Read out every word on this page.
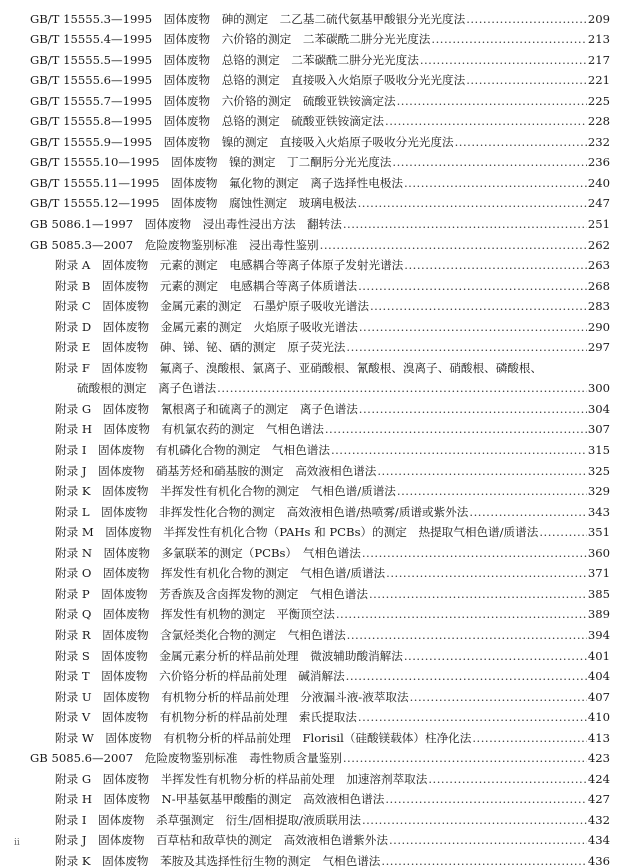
GB/T 15555.3—1995　固体废物　砷的测定　二乙基二硫代氨基甲酸银分光光度法 .....	209
GB/T 15555.4—1995　固体废物　六价铬的测定　二苯碳酰二肼分光光度法 .....	213
GB/T 15555.5—1995　固体废物　总铬的测定　二苯碳酰二肼分光光度法 .....	217
GB/T 15555.6—1995　固体废物　总铬的测定　直接吸入火焰原子吸收分光光度法 .....	221
GB/T 15555.7—1995　固体废物　六价铬的测定　硫酸亚铁铵滴定法 .....	225
GB/T 15555.8—1995　固体废物　总铬的测定　硫酸亚铁铵滴定法 .....	228
GB/T 15555.9—1995　固体废物　镍的测定　直接吸入火焰原子吸收分光光度法 .....	232
GB/T 15555.10—1995　固体废物　镍的测定　丁二酮肟分光光度法 .....	236
GB/T 15555.11—1995　固体废物　氟化物的测定　离子选择性电极法 .....	240
GB/T 15555.12—1995　固体废物　腐蚀性测定　玻璃电极法 .....	247
GB 5086.1—1997　固体废物　浸出毒性浸出方法　翻转法 .....	251
GB 5085.3—2007　危险废物鉴别标准　浸出毒性鉴别 .....	262
附录 A　固体废物　元素的测定　电感耦合等离子体原子发射光谱法 .....	263
附录 B　固体废物　元素的测定　电感耦合等离子体质谱法 .....	268
附录 C　固体废物　金属元素的测定　石墨炉原子吸收光谱法 .....	283
附录 D　固体废物　金属元素的测定　火焰原子吸收光谱法 .....	290
附录 E　固体废物　砷、锑、铋、硒的测定　原子荧光法 .....	297
附录 F　固体废物　氟离子、溴酸根、氯离子、亚硝酸根、氰酸根、溴离子、硝酸根、磷酸根、
硫酸根的测定　离子色谱法 .....	300
附录 G　固体废物　氰根离子和硫离子的测定　离子色谱法 .....	304
附录 H　固体废物　有机氯农药的测定　气相色谱法 .....	307
附录 I　固体废物　有机磷化合物的测定　气相色谱法 .....	315
附录 J　固体废物　硝基芳烃和硝基胺的测定　高效液相色谱法 .....	325
附录 K　固体废物　半挥发性有机化合物的测定　气相色谱/质谱法 .....	329
附录 L　固体废物　非挥发性化合物的测定　高效液相色谱/热喷雾/质谱或紫外法 .....	343
附录 M　固体废物　半挥发性有机化合物（PAHs 和 PCBs）的测定　热提取气相色谱/质谱法 .....	351
附录 N　固体废物　多氯联苯的测定（PCBs）　气相色谱法 .....	360
附录 O　固体废物　挥发性有机化合物的测定　气相色谱/质谱法 .....	371
附录 P　固体废物　芳香族及含卤挥发物的测定　气相色谱法 .....	385
附录 Q　固体废物　挥发性有机物的测定　平衡顶空法 .....	389
附录 R　固体废物　含氯烃类化合物的测定　气相色谱法 .....	394
附录 S　固体废物　金属元素分析的样品前处理　微波辅助酸消解法 .....	401
附录 T　固体废物　六价铬分析的样品前处理　碱消解法 .....	404
附录 U　固体废物　有机物分析的样品前处理　分液漏斗液-液萃取法 .....	407
附录 V　固体废物　有机物分析的样品前处理　索氏提取法 .....	410
附录 W　固体废物　有机物分析的样品前处理　Florisil（硅酸镁载体）柱净化法 .....	413
GB 5085.6—2007　危险废物鉴别标准　毒性物质含量鉴别 .....	423
附录 G　固体废物　半挥发性有机物分析的样品前处理　加速溶剂萃取法 .....	424
附录 H　固体废物　N-甲基氨基甲酸酯的测定　高效液相色谱法 .....	427
附录 I　固体废物　杀草强测定　衍生/固相提取/液质联用法 .....	432
附录 J　固体废物　百草枯和敌草快的测定　高效液相色谱紫外法 .....	434
附录 K　固体废物　苯胺及其选择性衍生物的测定　气相色谱法 .....	436
ii
